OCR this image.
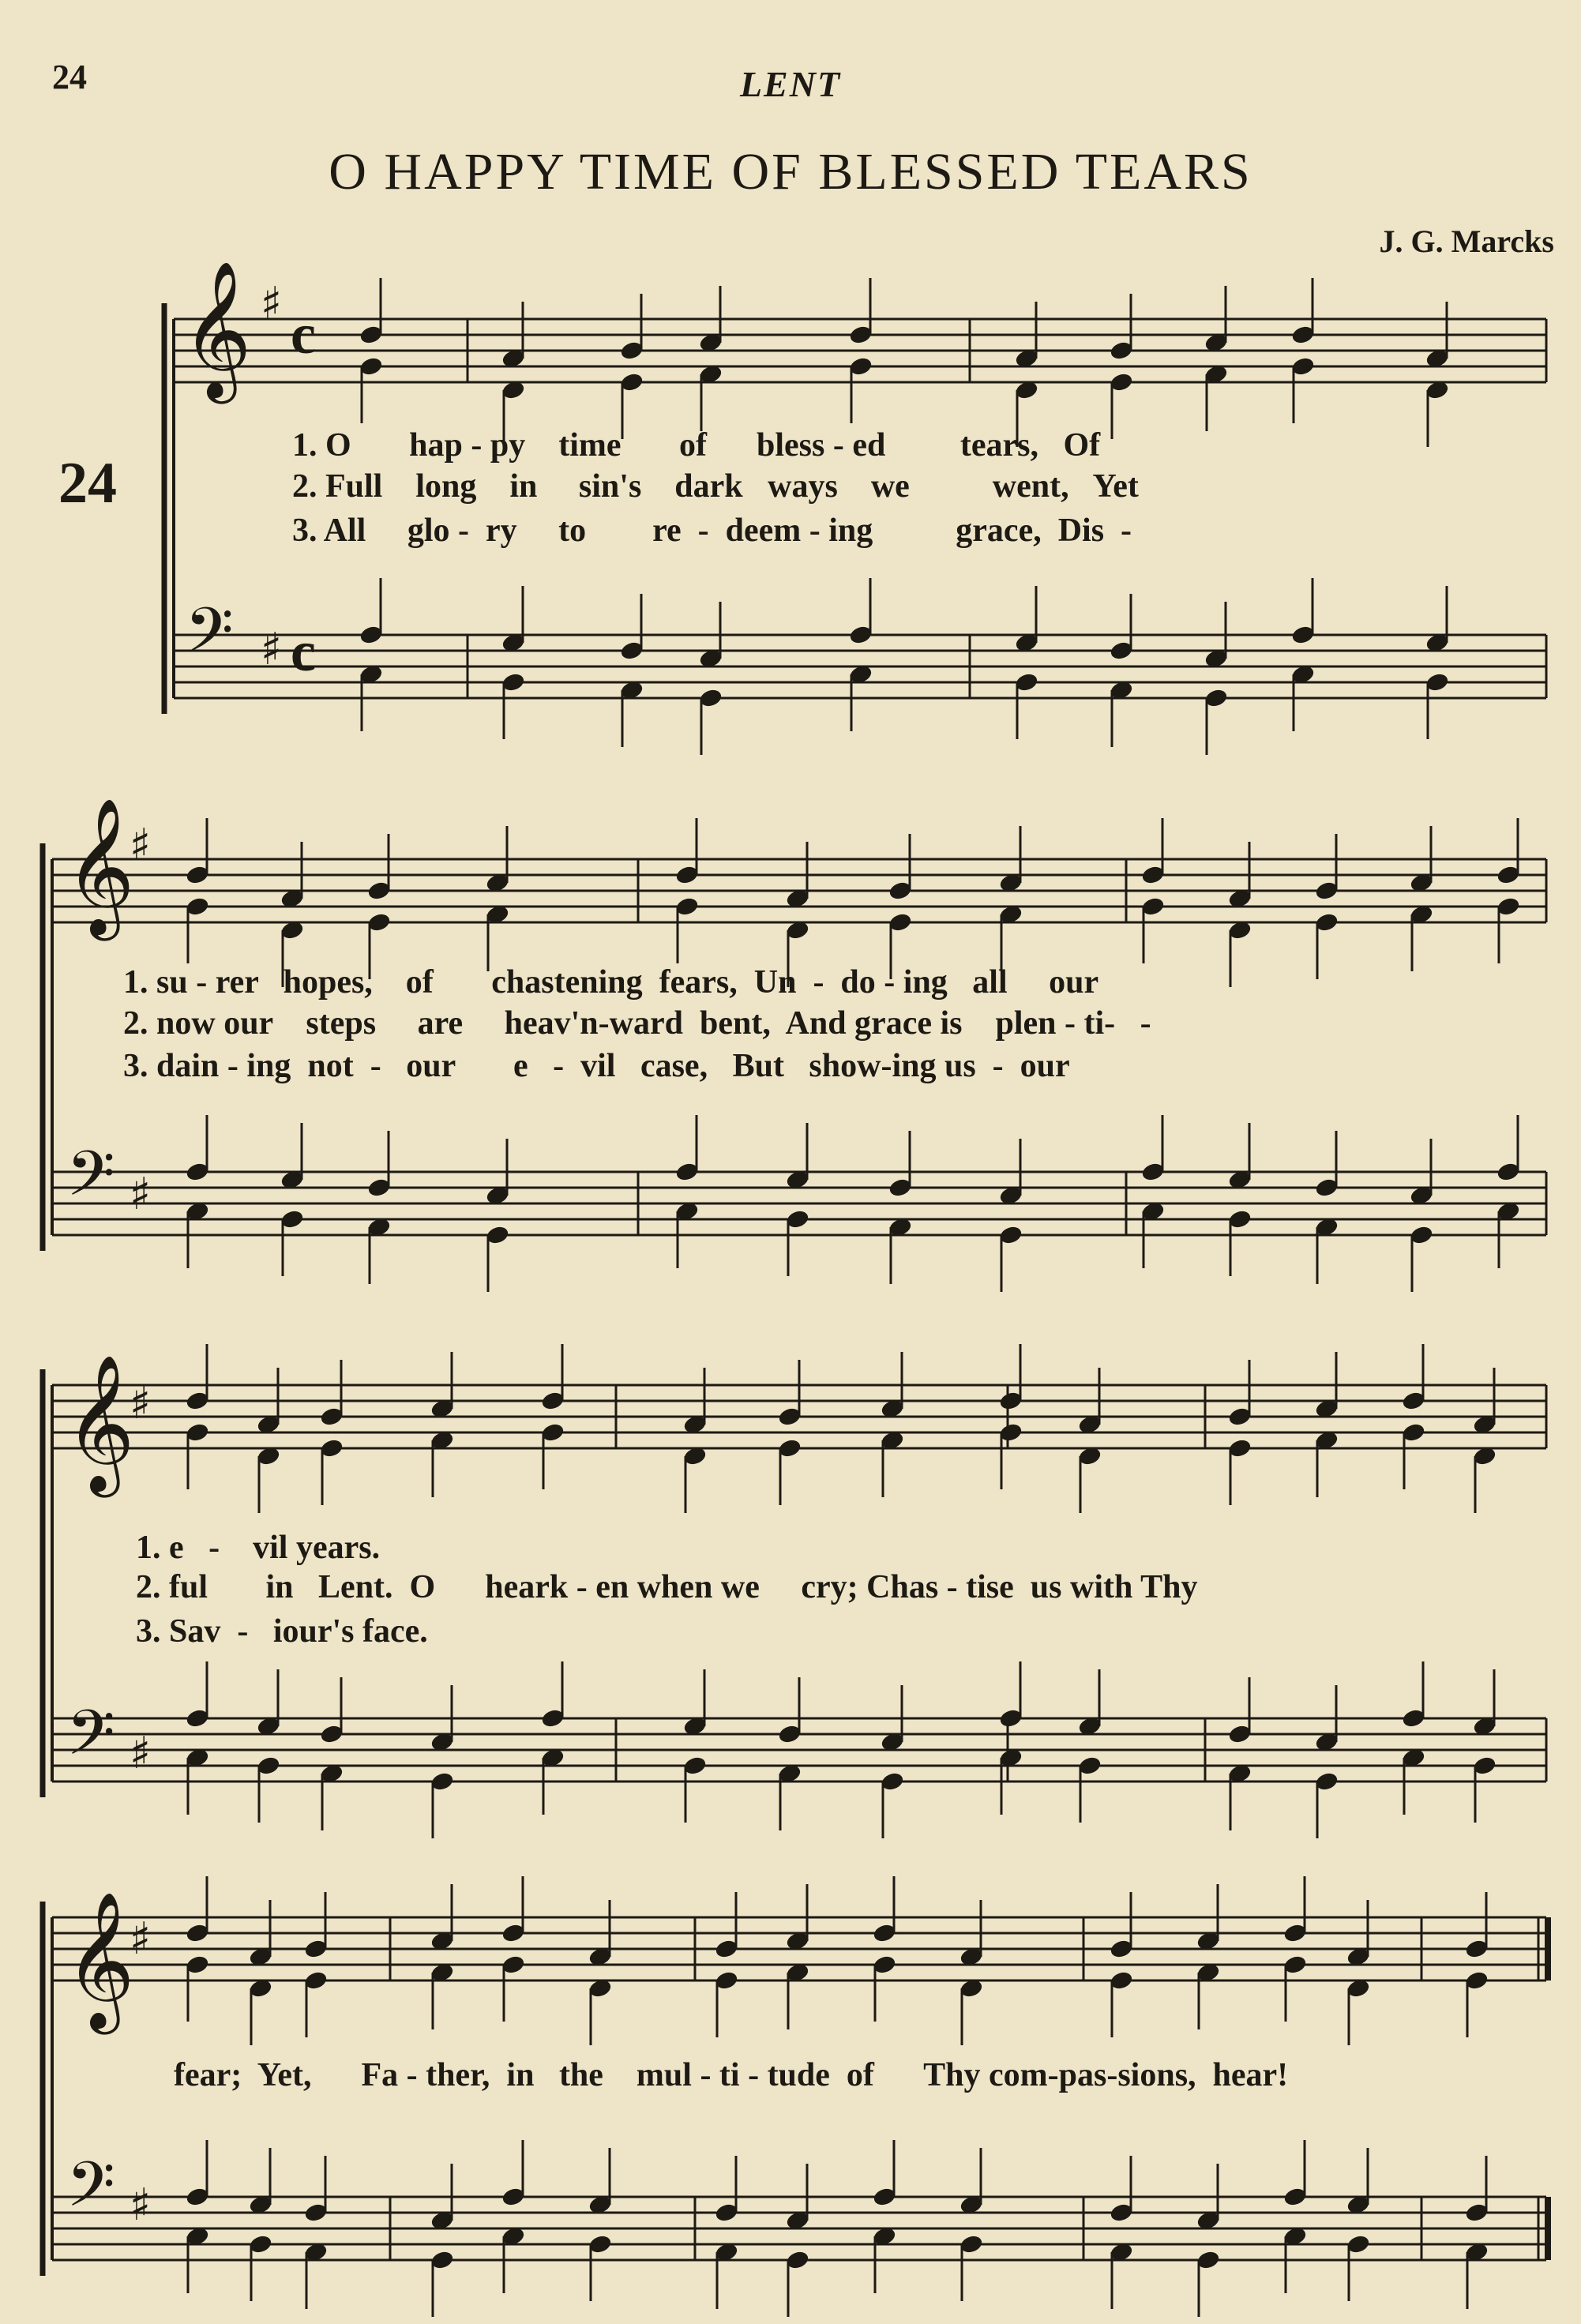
24	LENT
O HAPPY TIME OF BLESSED TEARS
J. G. Marcks
24
1. O       hap - py    time       of      bless - ed         tears,   Of
2. Full    long    in     sin's    dark   ways    we          went,   Yet
3. All     glo -  ry     to        re  -  deem - ing          grace,  Dis  -
1. su - rer   hopes,    of       chastening  fears,  Un  -  do - ing   all     our
2. now our    steps     are     heav'n-ward  bent,  And grace is    plen - ti-   -
3. dain - ing  not  -   our       e   -  vil   case,   But   show-ing us  -  our
1. e   -    vil years.
2. ful       in   Lent.  O      heark - en when we     cry; Chas - tise  us with Thy
3. Sav  -   iour's face.
fear;  Yet,      Fa - ther,  in   the    mul - ti - tude  of      Thy com-pas-sions,  hear!
𝄞
𝄢
𝄞
𝄢
𝄞
𝄢
𝄞
𝄢
♯ c
♯ c
♯
♯
♯
♯
♯
♯
